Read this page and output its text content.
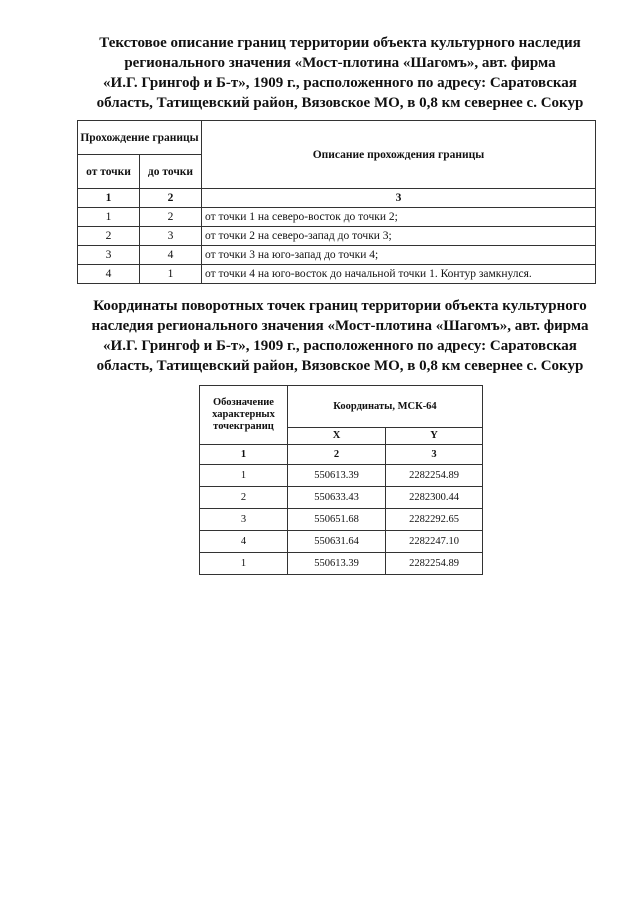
Текстовое описание границ территории объекта культурного наследия
регионального значения «Мост-плотина «Шагомъ», авт. фирма
«И.Г. Грингоф и Б-т», 1909 г., расположенного по адресу: Саратовская
область, Татищевский район, Вязовское МО, в 0,8 км севернее с. Сокур
Прохождение границы		Описание прохождения границы
от точки	до точки	
1	2	3
1	2	от точки 1 на северо-восток до точки 2;
2	3	от точки 2 на северо-запад до точки 3;
3	4	от точки 3 на юго-запад до точки 4;
4	1	от точки 4 на юго-восток до начальной точки 1. Контур замкнулся.
Координаты поворотных точек границ территории объекта культурного
наследия регионального значения «Мост-плотина «Шагомъ», авт. фирма
«И.Г. Грингоф и Б-т», 1909 г., расположенного по адресу: Саратовская
область, Татищевский район, Вязовское МО, в 0,8 км севернее с. Сокур
Обозначение характерных точекграниц	Координаты, МСК-64	
	X	Y
1	2	3
1	550613.39	2282254.89
2	550633.43	2282300.44
3	550651.68	2282292.65
4	550631.64	2282247.10
1	550613.39	2282254.89
